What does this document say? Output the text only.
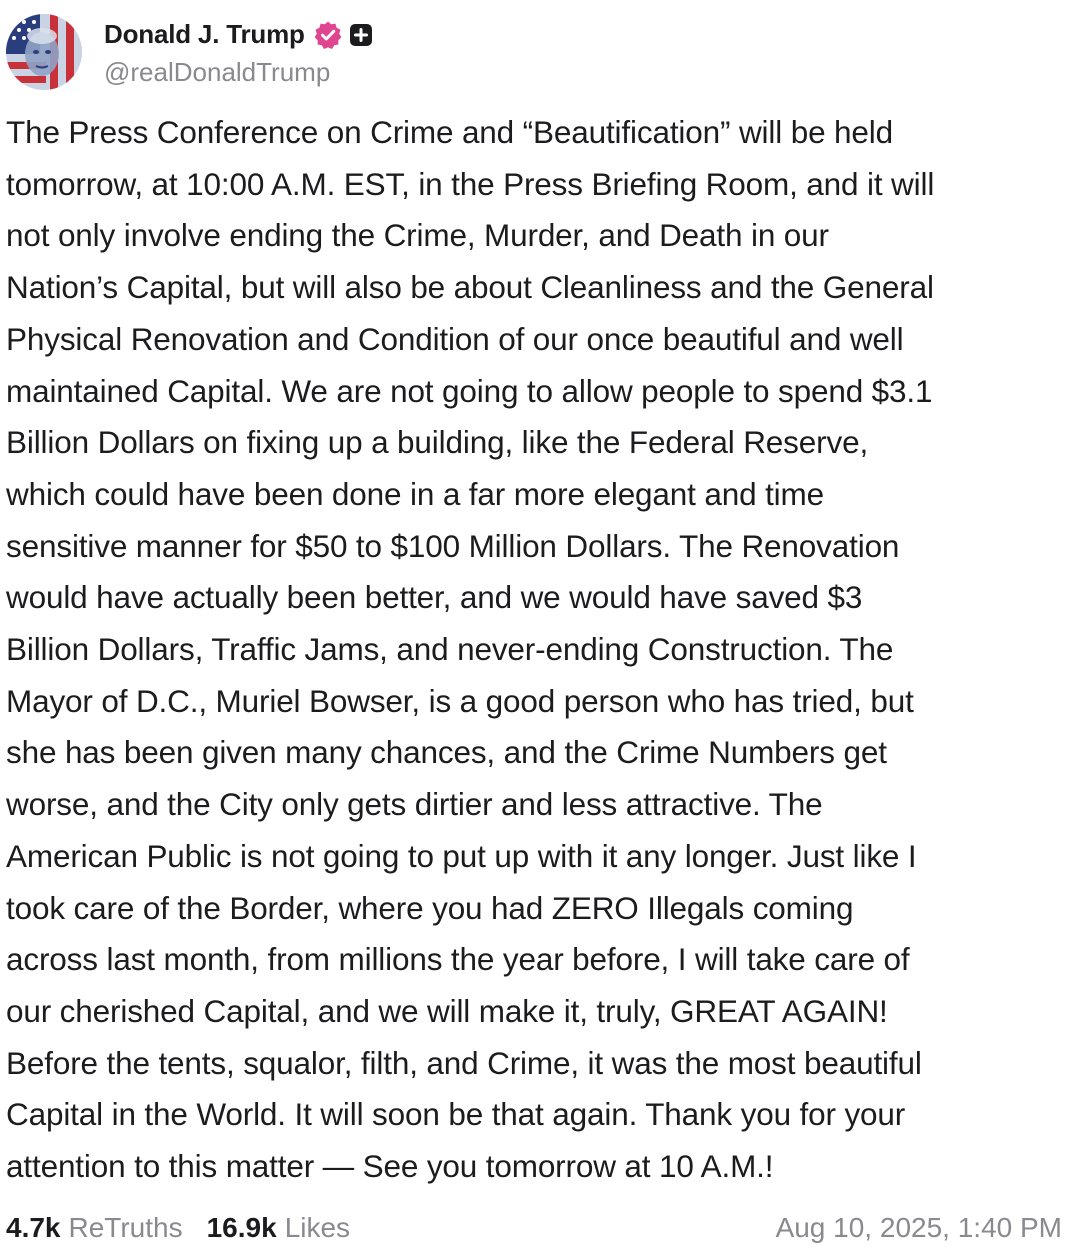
Donald J. Trump
@realDonaldTrump

The Press Conference on Crime and “Beautification” will be held
tomorrow, at 10:00 A.M. EST, in the Press Briefing Room, and it will
not only involve ending the Crime, Murder, and Death in our
Nation’s Capital, but will also be about Cleanliness and the General
Physical Renovation and Condition of our once beautiful and well
maintained Capital. We are not going to allow people to spend $3.1
Billion Dollars on fixing up a building, like the Federal Reserve,
which could have been done in a far more elegant and time
sensitive manner for $50 to $100 Million Dollars. The Renovation
would have actually been better, and we would have saved $3
Billion Dollars, Traffic Jams, and never-ending Construction. The
Mayor of D.C., Muriel Bowser, is a good person who has tried, but
she has been given many chances, and the Crime Numbers get
worse, and the City only gets dirtier and less attractive. The
American Public is not going to put up with it any longer. Just like I
took care of the Border, where you had ZERO Illegals coming
across last month, from millions the year before, I will take care of
our cherished Capital, and we will make it, truly, GREAT AGAIN!
Before the tents, squalor, filth, and Crime, it was the most beautiful
Capital in the World. It will soon be that again. Thank you for your
attention to this matter — See you tomorrow at 10 A.M.!

4.7k ReTruths 16.9k Likes	Aug 10, 2025, 1:40 PM
